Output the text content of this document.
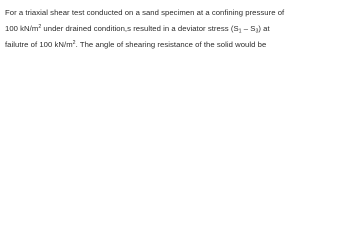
For a triaxial shear test conducted on a sand specimen at a confining pressure of
100 $kN/m^2$ under drained condition,s resulted in a deviator stress $(S_1 - S_3)$ at
failutre of 100 $kN/m^2$. The angle of shearing resistance of the solid would be
